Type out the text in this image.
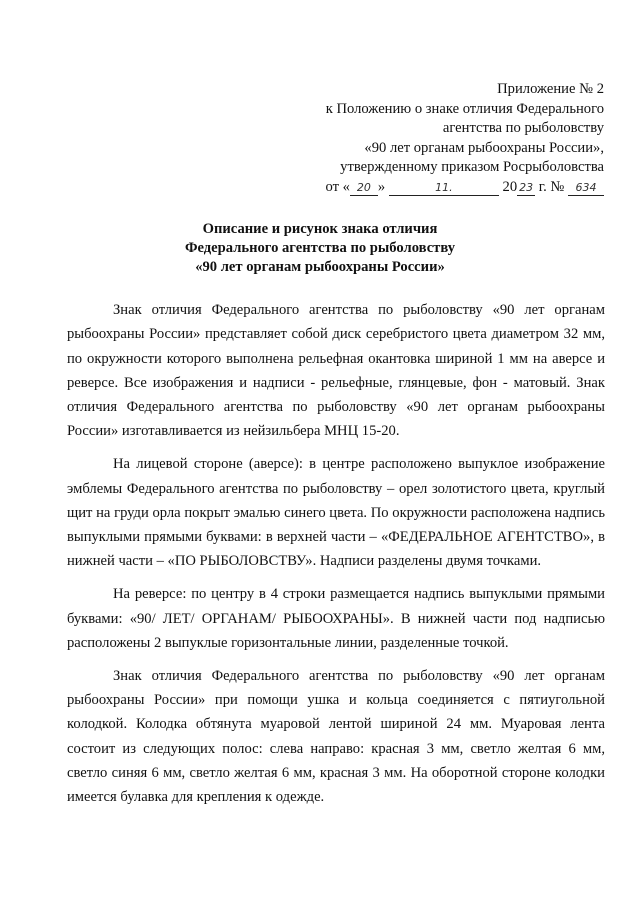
Приложение № 2
к Положению о знаке отличия Федерального
агентства по рыболовству
«90 лет органам рыбоохраны России»,
утвержденному приказом Росрыболовства
от « 20 »	11.	20 23 г. № 634
Описание и рисунок знака отличия
Федерального агентства по рыболовству
«90 лет органам рыбоохраны России»

Знак отличия Федерального агентства по рыболовству «90 лет органам рыбоохраны России» представляет собой диск серебристого цвета диаметром 32 мм, по окружности которого выполнена рельефная окантовка шириной 1 мм на аверсе и реверсе. Все изображения и надписи - рельефные, глянцевые, фон - матовый. Знак отличия Федерального агентства по рыболовству «90 лет органам рыбоохраны России» изготавливается из нейзильбера МНЦ 15-20.

На лицевой стороне (аверсе): в центре расположено выпуклое изображение эмблемы Федерального агентства по рыболовству – орел золотистого цвета, круглый щит на груди орла покрыт эмалью синего цвета. По окружности расположена надпись выпуклыми прямыми буквами: в верхней части – «ФЕДЕРАЛЬНОЕ АГЕНТСТВО», в нижней части – «ПО РЫБОЛОВСТВУ». Надписи разделены двумя точками.

На реверсе: по центру в 4 строки размещается надпись выпуклыми прямыми буквами: «90/ ЛЕТ/ ОРГАНАМ/ РЫБООХРАНЫ». В нижней части под надписью расположены 2 выпуклые горизонтальные линии, разделенные точкой.

Знак отличия Федерального агентства по рыболовству «90 лет органам рыбоохраны России» при помощи ушка и кольца соединяется с пятиугольной колодкой. Колодка обтянута муаровой лентой шириной 24 мм. Муаровая лента состоит из следующих полос: слева направо: красная 3 мм, светло желтая 6 мм, светло синяя 6 мм, светло желтая 6 мм, красная 3 мм. На оборотной стороне колодки имеется булавка для крепления к одежде.
